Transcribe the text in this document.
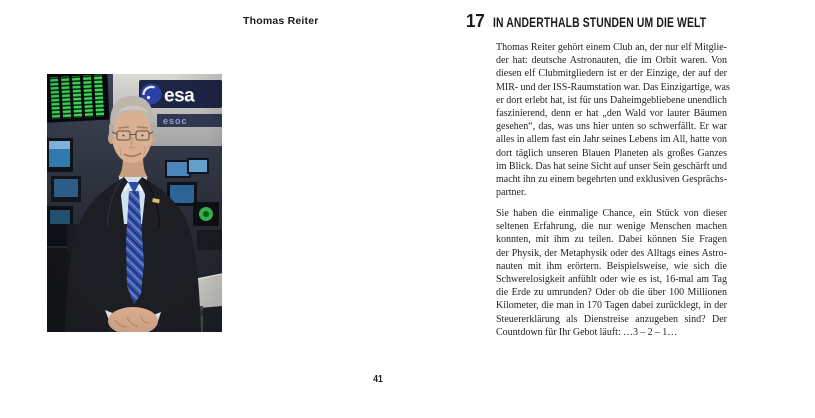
Thomas Reiter
41
17 IN ANDERTHALB STUNDEN UM DIE WELT
Thomas Reiter gehört einem Club an, der nur elf Mitglie-
der hat: deutsche Astronauten, die im Orbit waren. Von
diesen elf Clubmitgliedern ist er der Einzige, der auf der
MIR- und der ISS-Raumstation war. Das Einzigartige, was
er dort erlebt hat, ist für uns Daheimgebliebene unendlich
faszinierend, denn er hat „den Wald vor lauter Bäumen
gesehen“, das, was uns hier unten so schwerfällt. Er war
alles in allem fast ein Jahr seines Lebens im All, hatte von
dort täglich unseren Blauen Planeten als großes Ganzes
im Blick. Das hat seine Sicht auf unser Sein geschärft und
macht ihn zu einem begehrten und exklusiven Gesprächs-
partner.
Sie haben die einmalige Chance, ein Stück von dieser
seltenen Erfahrung, die nur wenige Menschen machen
konnten, mit ihm zu teilen. Dabei können Sie Fragen
der Physik, der Metaphysik oder des Alltags eines Astro-
nauten mit ihm erörtern. Beispielsweise, wie sich die
Schwerelosigkeit anfühlt oder wie es ist, 16-mal am Tag
die Erde zu umrunden? Oder ob die über 100 Millionen
Kilometer, die man in 170 Tagen dabei zurücklegt, in der
Steuererklärung als Dienstreise anzugeben sind? Der
Countdown für Ihr Gebot läuft: …3 – 2 – 1…
